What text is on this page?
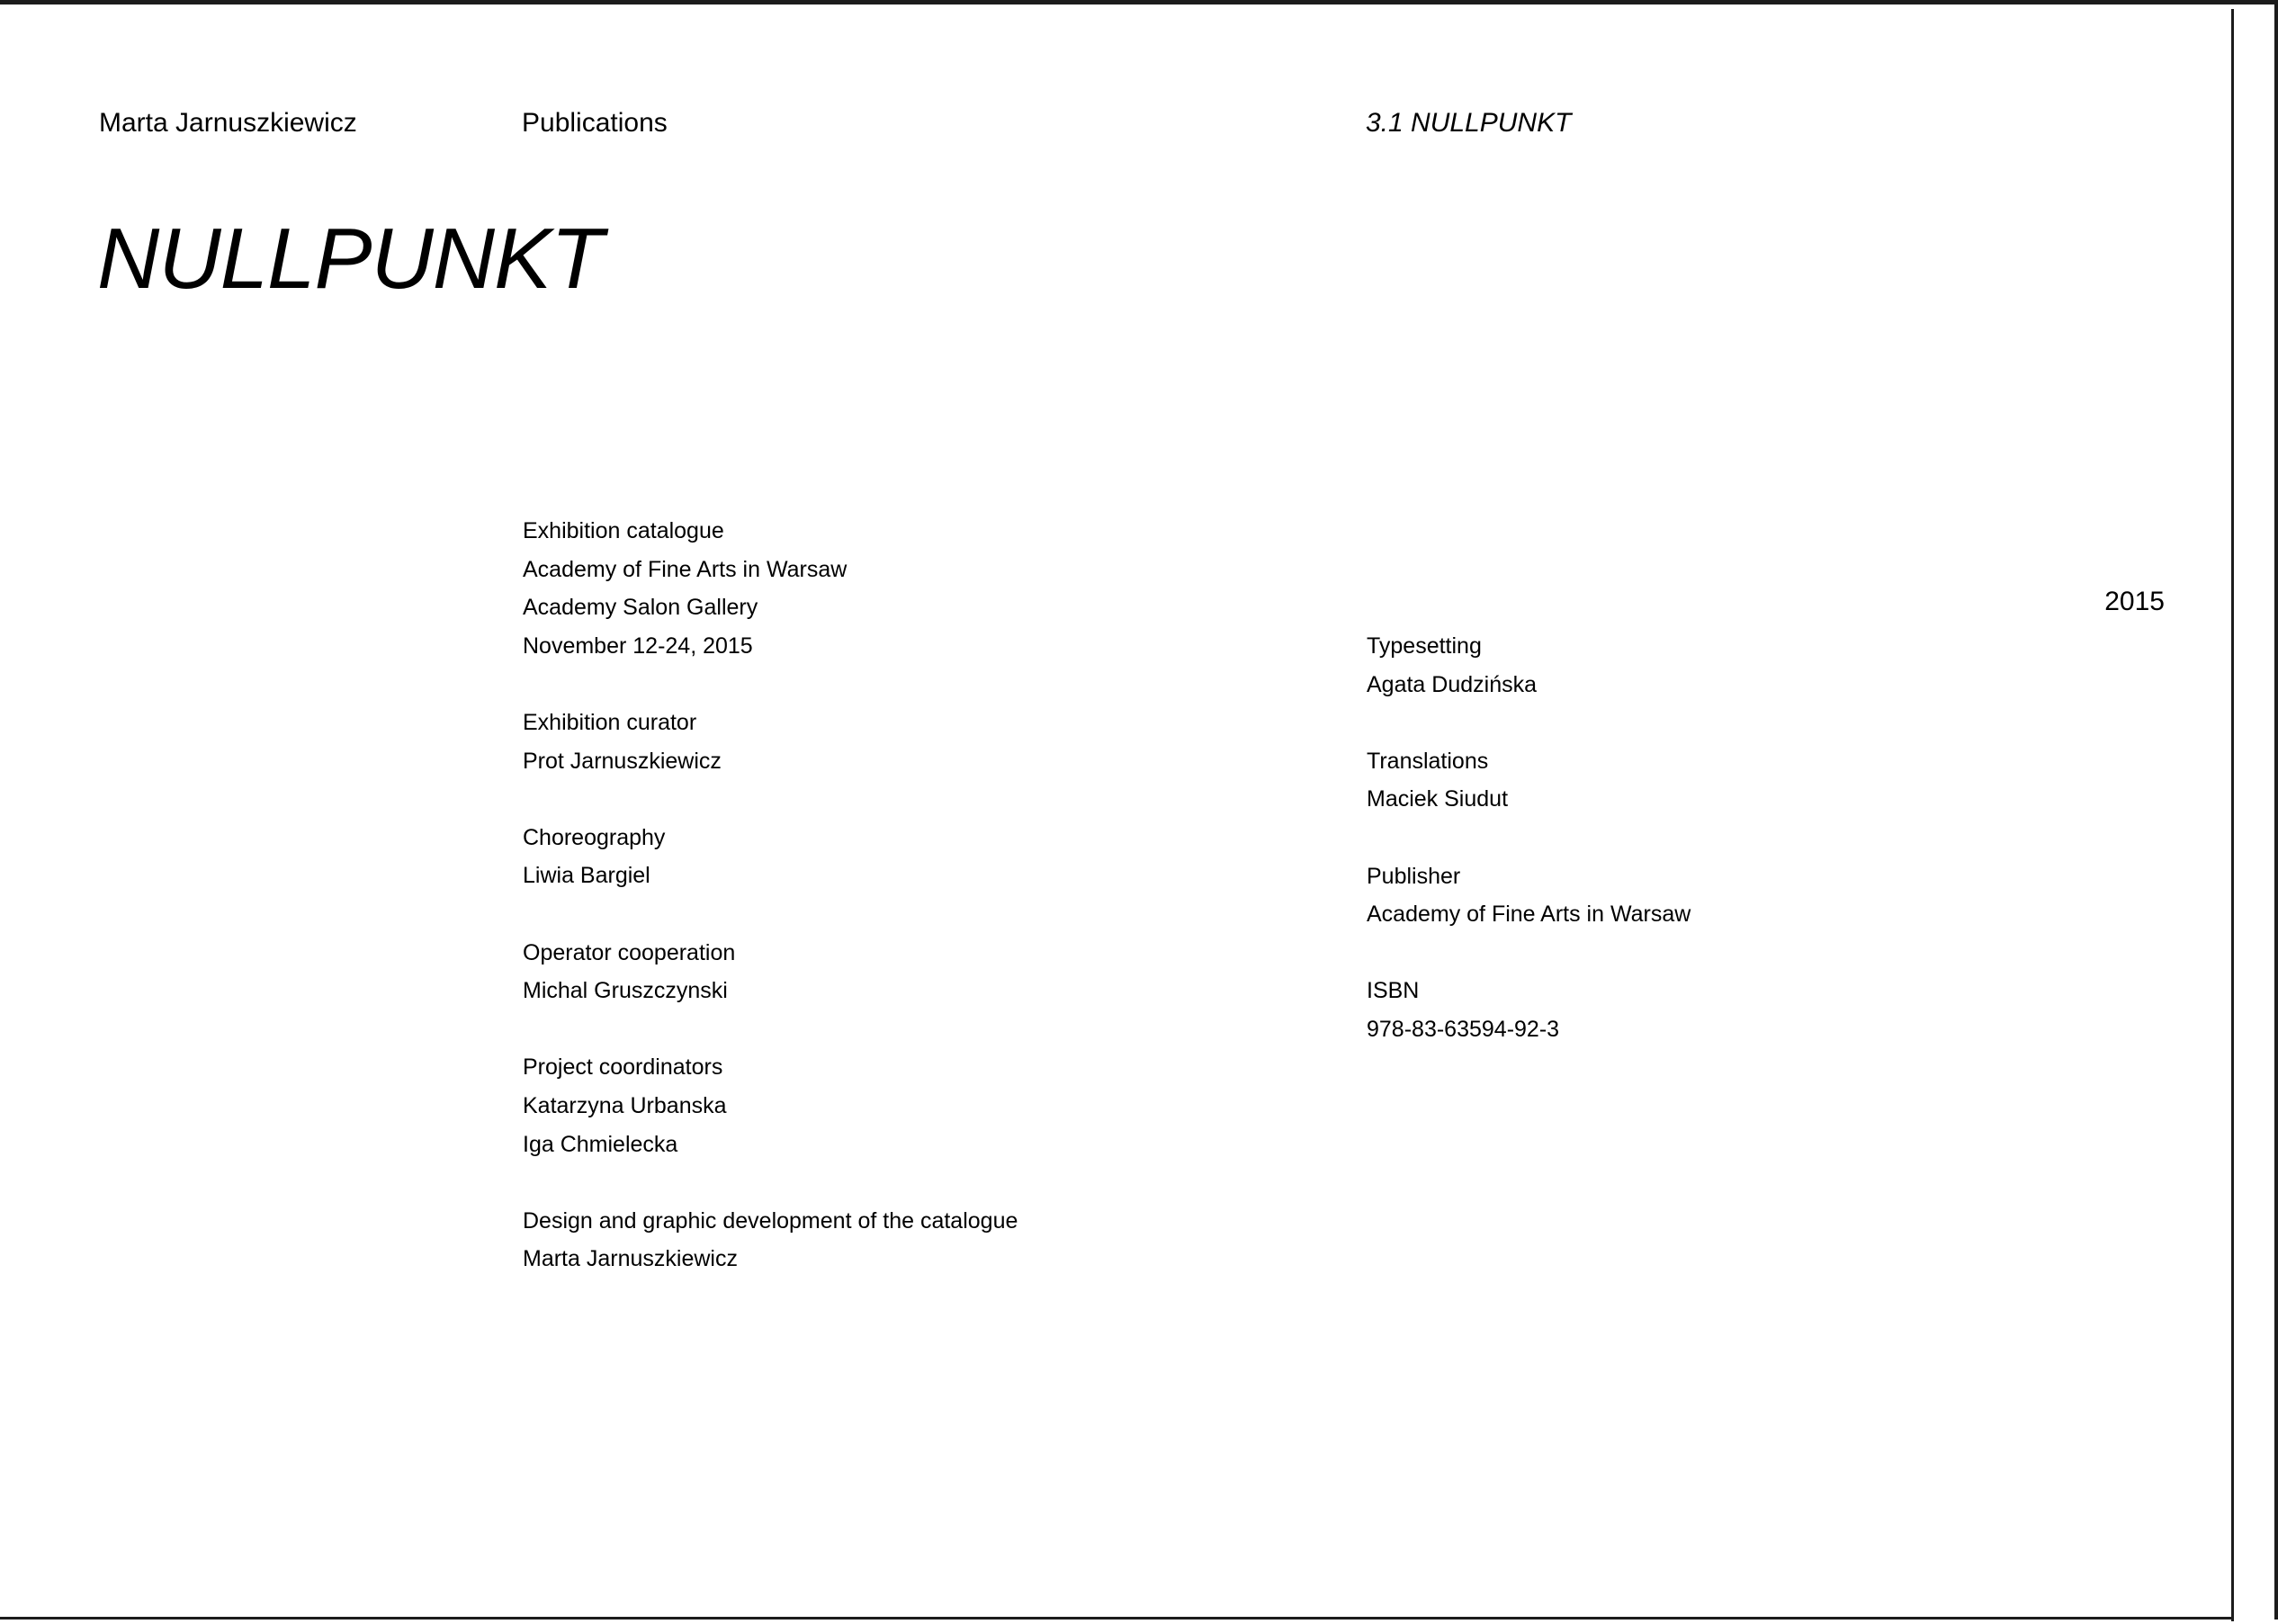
Marta Jarnuszkiewicz	Publications	3.1 NULLPUNKT
NULLPUNKT
2015
Exhibition catalogue
Academy of Fine Arts in Warsaw
Academy Salon Gallery
November 12-24, 2015
Exhibition curator
Prot Jarnuszkiewicz
Choreography
Liwia Bargiel
Operator cooperation
Michal Gruszczynski
Project coordinators
Katarzyna Urbanska
Iga Chmielecka
Design and graphic development of the catalogue
Marta Jarnuszkiewicz
Typesetting
Agata Dudzińska
Translations
Maciek Siudut
Publisher
Academy of Fine Arts in Warsaw
ISBN
978-83-63594-92-3
